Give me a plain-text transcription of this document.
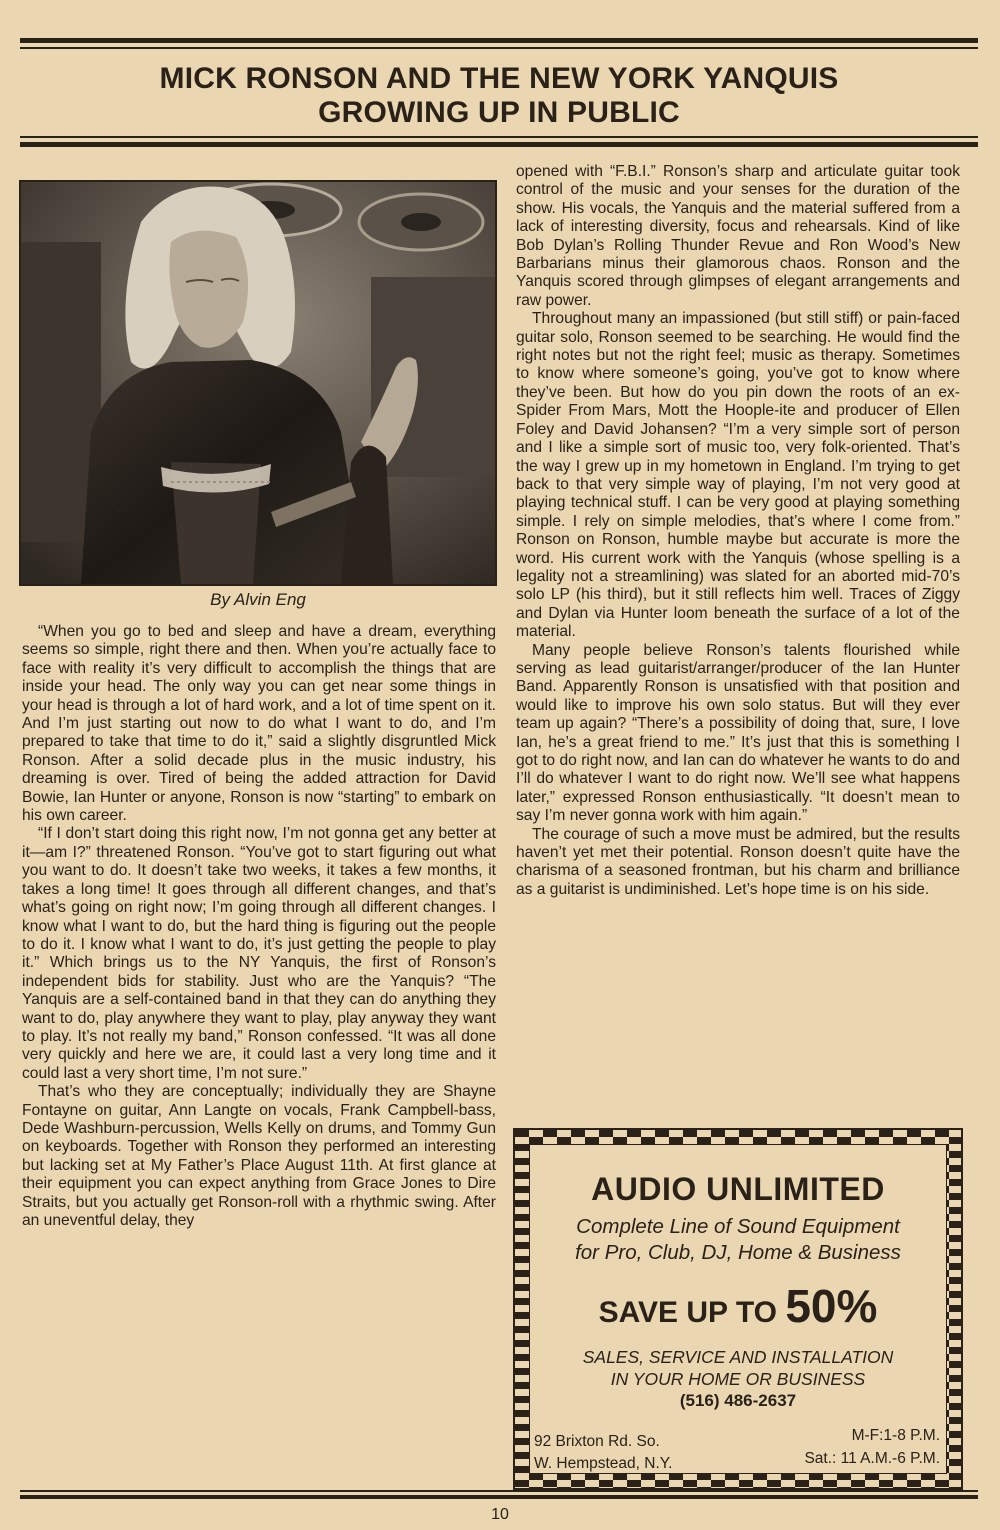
MICK RONSON AND THE NEW YORK YANQUIS
GROWING UP IN PUBLIC
By Alvin Eng

“When you go to bed and sleep and have a dream, everything seems so simple, right there and then. When you’re actually face to face with reality it’s very difficult to accomplish the things that are inside your head. The only way you can get near some things in your head is through a lot of hard work, and a lot of time spent on it. And I’m just starting out now to do what I want to do, and I’m prepared to take that time to do it,” said a slightly disgruntled Mick Ronson. After a solid decade plus in the music industry, his dreaming is over. Tired of being the added attraction for David Bowie, Ian Hunter or anyone, Ronson is now “starting” to embark on his own career.

“If I don’t start doing this right now, I’m not gonna get any better at it—am I?” threatened Ronson. “You’ve got to start figuring out what you want to do. It doesn’t take two weeks, it takes a few months, it takes a long time! It goes through all different changes, and that’s what’s going on right now; I’m going through all different changes. I know what I want to do, but the hard thing is figuring out the people to do it. I know what I want to do, it’s just getting the people to play it.” Which brings us to the NY Yanquis, the first of Ronson’s independent bids for stability. Just who are the Yanquis? “The Yanquis are a self-contained band in that they can do anything they want to do, play anywhere they want to play, play anyway they want to play. It’s not really my band,” Ronson confessed. “It was all done very quickly and here we are, it could last a very long time and it could last a very short time, I’m not sure.”

That’s who they are conceptually; individually they are Shayne Fontayne on guitar, Ann Langte on vocals, Frank Campbell-bass, Dede Washburn-percussion, Wells Kelly on drums, and Tommy Gun on keyboards. Together with Ronson they performed an interesting but lacking set at My Father’s Place August 11th. At first glance at their equipment you can expect anything from Grace Jones to Dire Straits, but you actually get Ronson-roll with a rhythmic swing. After an uneventful delay, they

opened with “F.B.I.” Ronson’s sharp and articulate guitar took control of the music and your senses for the duration of the show. His vocals, the Yanquis and the material suffered from a lack of interesting diversity, focus and rehearsals. Kind of like Bob Dylan’s Rolling Thunder Revue and Ron Wood’s New Barbarians minus their glamorous chaos. Ronson and the Yanquis scored through glimpses of elegant arrangements and raw power.

Throughout many an impassioned (but still stiff) or pain-faced guitar solo, Ronson seemed to be searching. He would find the right notes but not the right feel; music as therapy. Sometimes to know where someone’s going, you’ve got to know where they’ve been. But how do you pin down the roots of an ex-Spider From Mars, Mott the Hoople-ite and producer of Ellen Foley and David Johansen? “I’m a very simple sort of person and I like a simple sort of music too, very folk-oriented. That’s the way I grew up in my hometown in England. I’m trying to get back to that very simple way of playing, I’m not very good at playing technical stuff. I can be very good at playing something simple. I rely on simple melodies, that’s where I come from.” Ronson on Ronson, humble maybe but accurate is more the word. His current work with the Yanquis (whose spelling is a legality not a streamlining) was slated for an aborted mid-70’s solo LP (his third), but it still reflects him well. Traces of Ziggy and Dylan via Hunter loom beneath the surface of a lot of the material.

Many people believe Ronson’s talents flourished while serving as lead guitarist/arranger/producer of the Ian Hunter Band. Apparently Ronson is unsatisfied with that position and would like to improve his own solo status. But will they ever team up again? “There’s a possibility of doing that, sure, I love Ian, he’s a great friend to me.” It’s just that this is something I got to do right now, and Ian can do whatever he wants to do and I’ll do whatever I want to do right now. We’ll see what happens later,” expressed Ronson enthusiastically. “It doesn’t mean to say I’m never gonna work with him again.”

The courage of such a move must be admired, but the results haven’t yet met their potential. Ronson doesn’t quite have the charisma of a seasoned frontman, but his charm and brilliance as a guitarist is undiminished. Let’s hope time is on his side.

AUDIO UNLIMITED
Complete Line of Sound Equipment
for Pro, Club, DJ, Home & Business
SAVE UP TO 50%
SALES, SERVICE AND INSTALLATION
IN YOUR HOME OR BUSINESS
(516) 486-2637
92 Brixton Rd. So.
W. Hempstead, N.Y.
M-F:1-8 P.M.
Sat.: 11 A.M.-6 P.M.
10
